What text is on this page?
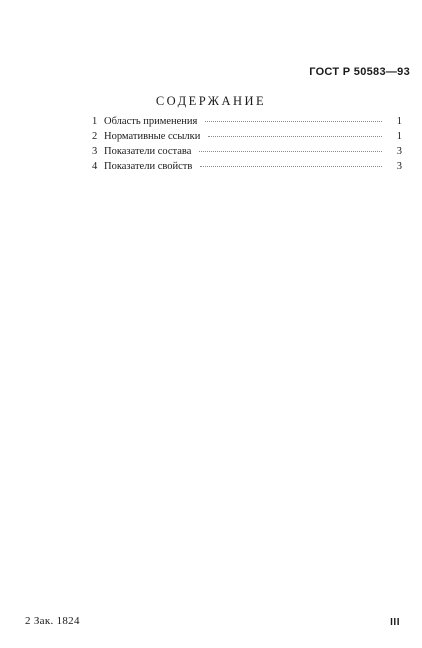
ГОСТ Р 50583—93
СОДЕРЖАНИЕ
1 Область применения	1
2 Нормативные ссылки	1
3 Показатели состава	3
4 Показатели свойств	3
2 Зак. 1824	III
